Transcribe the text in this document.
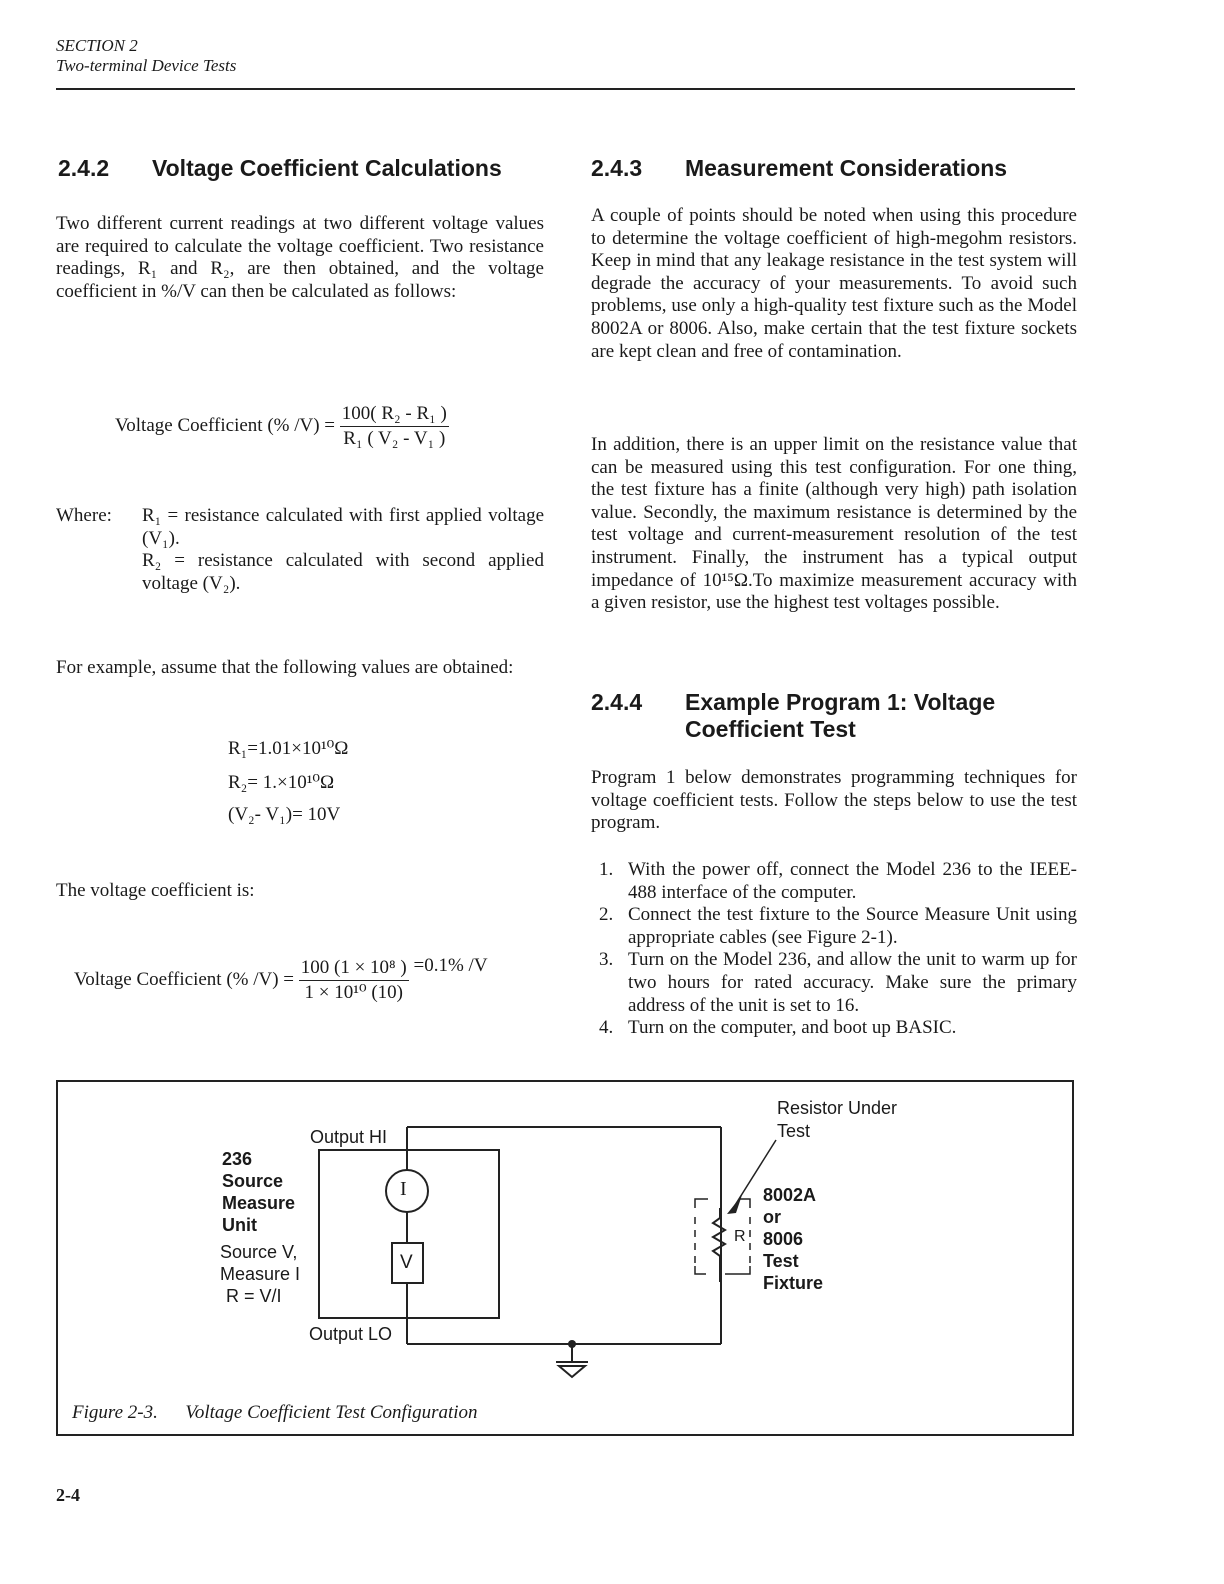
SECTION 2
Two-terminal Device Tests
2.4.2 Voltage Coefficient Calculations
Two different current readings at two different voltage values are required to calculate the voltage coefficient. Two resistance readings, R₁ and R₂, are then obtained, and the voltage coefficient in %/V can then be calculated as follows:
Voltage Coefficient (% $/V) = \frac{\text{100( R₂ - R₁ )}}{\text{R₁ ( V₂ - V₁ )}}$
Where:	R₁ = resistance calculated with first applied voltage (V₁).
R₂ = resistance calculated with second applied voltage (V₂).
For example, assume that the following values are obtained:
R₁=1.01×10¹⁰Ω
R₂= 1.×10¹⁰Ω
(V₂- V₁)= 10V
The voltage coefficient is:
Voltage Coefficient (% $/V) = \frac{\text{100 (1 × 10⁸ )}}{\text{1 × 10¹⁰ (10)}} =0.1\%$ /V
2.4.3 Measurement Considerations
A couple of points should be noted when using this procedure to determine the voltage coefficient of high-megohm resistors. Keep in mind that any leakage resistance in the test system will degrade the accuracy of your measurements. To avoid such problems, use only a high-quality test fixture such as the Model 8002A or 8006. Also, make certain that the test fixture sockets are kept clean and free of contamination.
In addition, there is an upper limit on the resistance value that can be measured using this test configuration. For one thing, the test fixture has a finite (although very high) path isolation value. Secondly, the maximum resistance is determined by the test voltage and current-measurement resolution of the test instrument. Finally, the instrument has a typical output impedance of 10¹⁵Ω.To maximize measurement accuracy with a given resistor, use the highest test voltages possible.
2.4.4 Example Program 1: Voltage
Coefficient Test
Program 1 below demonstrates programming techniques for voltage coefficient tests. Follow the steps below to use the test program.
1. With the power off, connect the Model 236 to the IEEE-488 interface of the computer.
2. Connect the test fixture to the Source Measure Unit using appropriate cables (see Figure 2-1).
3. Turn on the Model 236, and allow the unit to warm up for two hours for rated accuracy. Make sure the primary address of the unit is set to 16.
4. Turn on the computer, and boot up BASIC.
236
Source
Measure
Unit
Source V,
Measure I
R = V/I
Output HI
Output LO
I
V
Resistor Under
Test
R
8002A
or
8006
Test
Fixture
Figure 2-3. Voltage Coefficient Test Configuration
2-4
